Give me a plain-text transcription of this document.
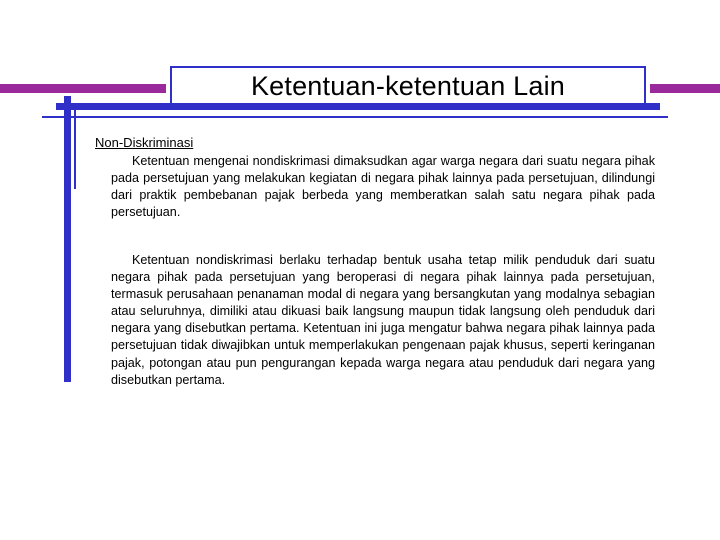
Ketentuan-ketentuan Lain
Non-Diskriminasi

Ketentuan mengenai nondiskrimasi dimaksudkan agar warga negara dari suatu negara pihak pada persetujuan yang melakukan kegiatan di negara pihak lainnya pada persetujuan, dilindungi dari praktik pembebanan pajak berbeda yang memberatkan salah satu negara pihak pada persetujuan.

Ketentuan nondiskrimasi berlaku terhadap bentuk usaha tetap milik penduduk dari suatu negara pihak pada persetujuan yang beroperasi di negara pihak lainnya pada persetujuan, termasuk perusahaan penanaman modal di negara yang bersangkutan yang modalnya sebagian atau seluruhnya, dimiliki atau dikuasi baik langsung maupun tidak langsung oleh penduduk dari negara yang disebutkan pertama. Ketentuan ini juga mengatur bahwa negara pihak lainnya pada persetujuan tidak diwajibkan untuk memperlakukan pengenaan pajak khusus, seperti keringanan pajak, potongan atau pun pengurangan kepada warga negara atau penduduk dari negara yang disebutkan pertama.
